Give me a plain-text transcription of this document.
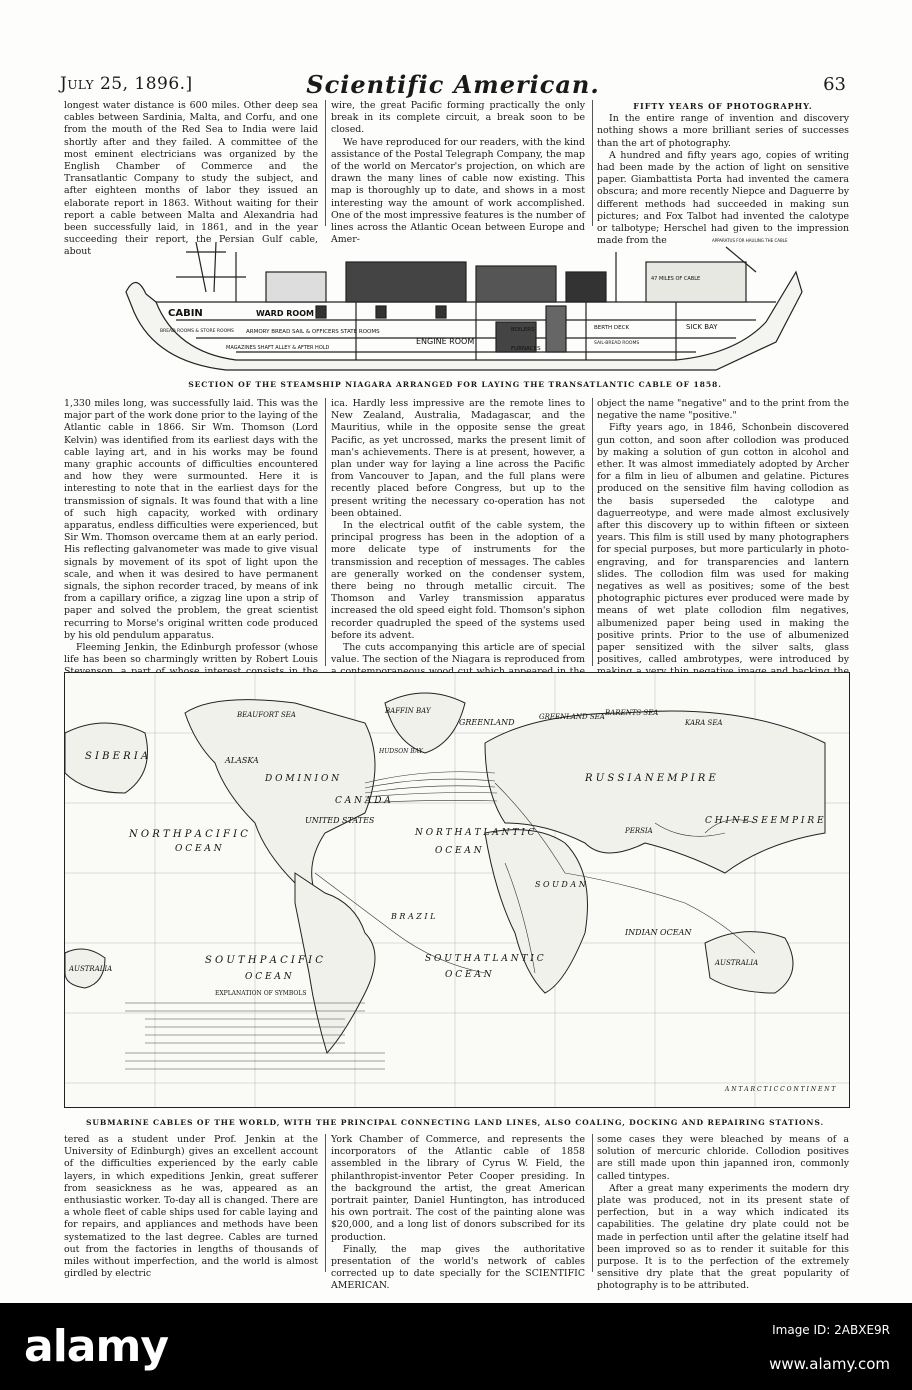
July 25, 1896.]	Scientific American.	63

longest water distance is 600 miles. Other deep sea cables between Sardinia, Malta, and Corfu, and one from the mouth of the Red Sea to India were laid shortly after and they failed. A committee of the most eminent electricians was organized by the English Chamber of Commerce and the Transatlantic Company to study the subject, and after eighteen months of labor they issued an elaborate report in 1863. Without waiting for their report a cable between Malta and Alexandria had been successfully laid, in 1861, and in the year succeeding their report, the Persian Gulf cable, about

wire, the great Pacific forming practically the only break in its complete circuit, a break soon to be closed.

We have reproduced for our readers, with the kind assistance of the Postal Telegraph Company, the map of the world on Mercator's projection, on which are drawn the many lines of cable now existing. This map is thoroughly up to date, and shows in a most interesting way the amount of work accomplished. One of the most impressive features is the number of lines across the Atlantic Ocean between Europe and Amer-

FIFTY YEARS OF PHOTOGRAPHY.

In the entire range of invention and discovery nothing shows a more brilliant series of successes than the art of photography.

A hundred and fifty years ago, copies of writing had been made by the action of light on sensitive paper. Giambattista Porta had invented the camera obscura; and more recently Niepce and Daguerre by different methods had succeeded in making sun pictures; and Fox Talbot had invented the calotype or talbotype; Herschel had given to the impression made from the

CABIN	WARD ROOM
BREAD ROOMS & STORE ROOMS ARMORY BREAD SAIL & OFFICERS STATE ROOMS
MAGAZINES SHAFT ALLEY & AFTER HOLD
ENGINE ROOM
BOILERS
FURNACES
BERTH DECK	SICK BAY
47 MILES OF CABLE
SAIL-BREAD ROOMS
APPARATUS FOR HAULING THE CABLE
SECTION OF THE STEAMSHIP NIAGARA ARRANGED FOR LAYING THE TRANSATLANTIC CABLE OF 1858.

1,330 miles long, was successfully laid. This was the major part of the work done prior to the laying of the Atlantic cable in 1866. Sir Wm. Thomson (Lord Kelvin) was identified from its earliest days with the cable laying art, and in his works may be found many graphic accounts of difficulties encountered and how they were surmounted. Here it is interesting to note that in the earliest days for the transmission of signals. It was found that with a line of such high capacity, worked with ordinary apparatus, endless difficulties were experienced, but Sir Wm. Thomson overcame them at an early period. His reflecting galvanometer was made to give visual signals by movement of its spot of light upon the scale, and when it was desired to have permanent signals, the siphon recorder traced, by means of ink from a capillary orifice, a zigzag line upon a strip of paper and solved the problem, the great scientist recurring to Morse's original written code produced by his old pendulum apparatus.

Fleeming Jenkin, the Edinburgh professor (whose life has been so charmingly written by Robert Louis

ica. Hardly less impressive are the remote lines to New Zealand, Australia, Madagascar, and the Mauritius, while in the opposite sense the great Pacific, as yet uncrossed, marks the present limit of man's achievements. There is at present, however, a plan under way for laying a line across the Pacific from Vancouver to Japan, and the full plans were recently placed before Congress, but up to the present writing the necessary co-operation has not been obtained.

In the electrical outfit of the cable system, the principal progress has been in the adoption of a more delicate type of instruments for the transmission and reception of messages. The cables are generally worked on the condenser system, there being no through metallic circuit. The Thomson and Varley transmission apparatus increased the old speed eight fold. Thomson's siphon recorder quadrupled the speed of the systems used before its advent.

The cuts accompanying this article are of special value. The section of the Niagara is reproduced from

object the name "negative" and to the print from the negative the name "positive."

Fifty years ago, in 1846, Schonbein discovered gun cotton, and soon after collodion was produced by making a solution of gun cotton in alcohol and ether. It was almost immediately adopted by Archer for a film in lieu of albumen and gelatine. Pictures produced on the sensitive film having collodion as the basis superseded the calotype and daguerreotype, and were made almost exclusively after this discovery up to within fifteen or sixteen years. This film is still used by many photographers for special purposes, but more particularly in photo-engraving, and for transparencies and lantern slides. The collodion film was used for making negatives as well as positives; some of the best photographic pictures ever produced were made by means of wet plate collodion film negatives, albumenized paper being used in making the positive prints. Prior to the use of albumenized paper sensitized with the silver salts, glass positives, called ambrotypes, were introduced by

BEAUFORT SEA	BAFFIN BAY
GREENLAND
GREENLAND SEA BARENTS SEA
KARA SEA
S I B E R I A	ALASKA
D O M I N I O N
C A N A D A
HUDSON BAY
R U S S I A N E M P I R E
C H I N E S E E M P I R E
N O R T H P A C I F I C
O C E A N
UNITED STATES
N O R T H A T L A N T I C
O C E A N
S O U D A N
PERSIA
B R A Z I L
INDIAN OCEAN
S O U T H P A C I F I C
O C E A N
S O U T H A T L A N T I C
O C E A N
AUSTRALIA
AUSTRALIA
EXPLANATION OF SYMBOLS
A N T A R C T I C C O N T I N E N T
SUBMARINE CABLES OF THE WORLD, WITH THE PRINCIPAL CONNECTING LAND LINES, ALSO COALING, DOCKING AND REPAIRING STATIONS.

tered as a student under Prof. Jenkin at the University of Edinburgh) gives an excellent account of the difficulties experienced by the early cable layers, in which expeditions Jenkin, great sufferer from seasickness as he was, appeared as an enthusiastic worker. To-day all is changed. There are a whole fleet of cable ships used for cable laying and for repairs, and appliances and methods have been systematized to the last degree. Cables are turned out from the factories in lengths of thousands of miles without imperfection, and the world is almost girdled by electric

York Chamber of Commerce, and represents the incorporators of the Atlantic cable of 1858 assembled in the library of Cyrus W. Field, the philanthropist-inventor Peter Cooper presiding. In the background the artist, the great American portrait painter, Daniel Huntington, has introduced his own portrait. The cost of the painting alone was $20,000, and a long list of donors subscribed for its production.

Finally, the map gives the authoritative presentation of the world's network of cables corrected up to date specially for the SCIENTIFIC AMERICAN.

some cases they were bleached by means of a solution of mercuric chloride. Collodion positives are still made upon thin japanned iron, commonly called tintypes.

After a great many experiments the modern dry plate was produced, not in its present state of perfection, but in a way which indicated its capabilities. The gelatine dry plate could not be made in perfection until after the gelatine itself had been improved so as to render it suitable for this purpose. It is to the perfection of the extremely sensitive dry plate that the great popularity of photography is to be attributed.

alamy	Image ID: 2ABXE9R
www.alamy.com
